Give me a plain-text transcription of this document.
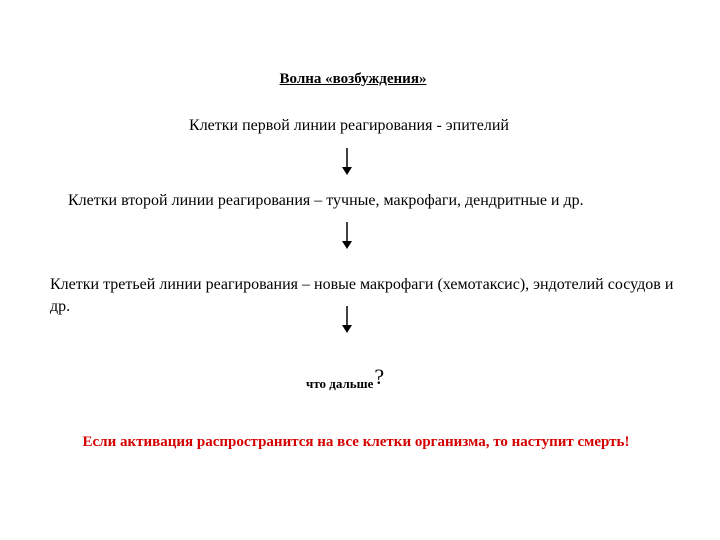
Волна «возбуждения»
Клетки первой линии реагирования - эпителий
Клетки второй линии реагирования – тучные, макрофаги, дендритные и др.
Клетки третьей линии реагирования – новые макрофаги (хемотаксис), эндотелий сосудов и др.
что дальше?
Если активация распространится на все клетки организма, то наступит смерть!
